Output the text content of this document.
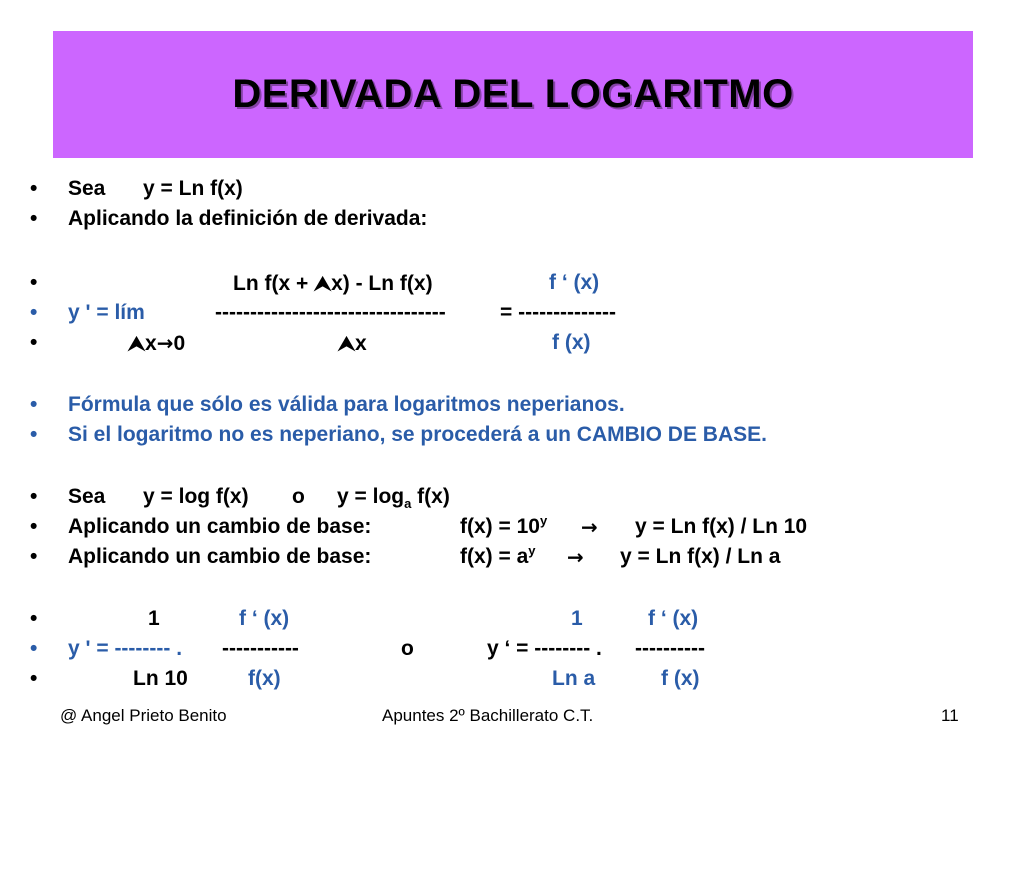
DERIVADA DEL LOGARITMO

•

	Sea

y = Ln f(x)

•

	Aplicando la definición de derivada:

•

	Ln f(x + ⮝x) - Ln f(x)

	f ‘ (x)

•

	y ' = lím

	---------------------------------

	= --------------

•

	⮝x→0

	⮝x

	f (x)

•

	Fórmula que sólo es válida para logaritmos neperianos.

•

	Si el logaritmo no es neperiano, se procederá a un CAMBIO DE BASE.

•

	Sea

y = log f(x)

o

$y = \log_a f(x)$

•

	Aplicando un cambio de base:

	$f(x) = 10^y$

→

y = Ln f(x) / Ln 10

•

	Aplicando un cambio de base:

	$f(x) = a^y$

→

y = Ln f(x) / Ln a

•

	1

	f ‘ (x)

	1

	f ‘ (x)

•

	y ' = -------- .

-----------

	o

	y ‘ = -------- .

----------

•

	Ln 10

	f(x)

	Ln a

	f (x)

@ Angel Prieto Benito	Apuntes 2º Bachillerato C.T.	11
